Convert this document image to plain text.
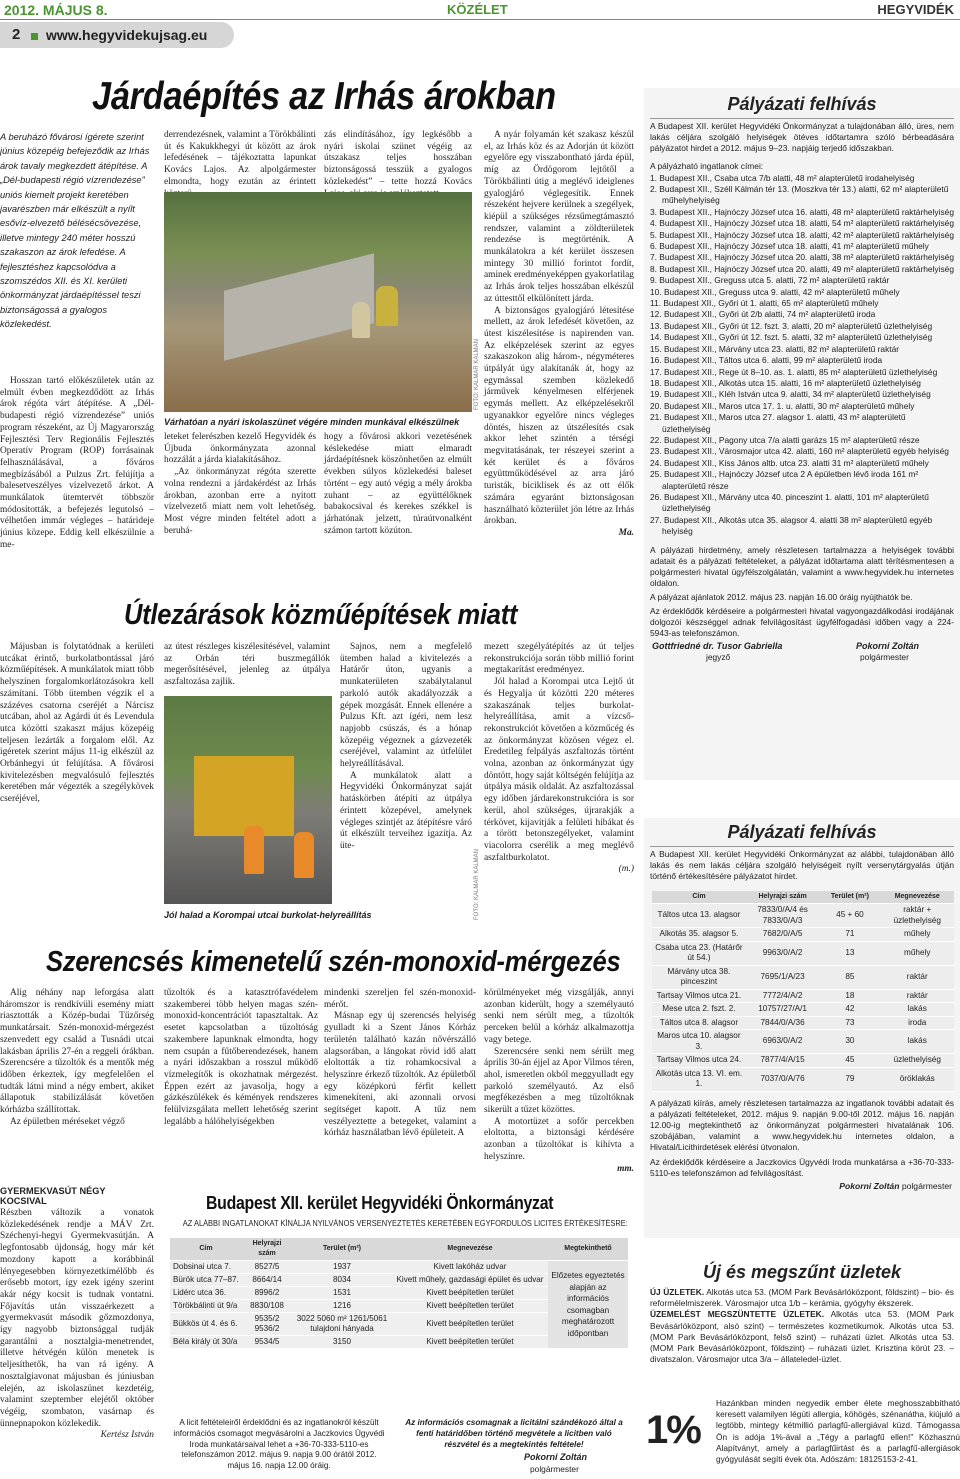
2012. MÁJUS 8.	KÖZÉLET	HEGYVIDÉK
2 www.hegyvidekujsag.eu
Járdaépítés az Irhás árokban
A beruházó fővárosi ígérete szerint június közepéig befejeződik az Irhás árok tavaly megkezdett átépítése. A „Dél-budapesti régió vízrendezése” uniós kiemelt projekt keretében javarészben már elkészült a nyílt esővíz-elvezető bélésécsövezése, illetve mintegy 240 méter hosszú szakaszon az árok lefedése. A fejlesztéshez kapcsolódva a szomszédos XII. és XI. kerületi önkormányzat járdaépítéssel teszi biztonságossá a gyalogos közlekedést.

Hosszan tartó előkészületek után az elmúlt évben megkezdődött az Irhás árok régóta várt átépítése. A „Dél-budapesti régió vízrendezése” uniós program részeként, az Új Magyarország Fejlesztési Terv Regionális Fejlesztés Operatív Program (ROP) forrásainak felhasználásával, a főváros megbízásából a Pulzus Zrt. felújítja a balesetveszélyes vízelvezető árkot. A munkálatok ütemtervét többször módosították, a befejezés legutolsó – vélhetően immár végleges – határideje június közepe. Eddig kell elkészülnie a me-

derrendezésnek, valamint a Törökbálinti út és Kakukkhegyi út között az árok lefedésének – tájékoztatta lapunkat Kovács Lajos. Az alpolgármester elmondta, hogy ezután az érintett

zás elindításához, így legkésőbb a nyári iskolai szünet végéig az útszakasz teljes hosszában biztonságossá tesszük a gyalogos közlekedést” – tette hozzá Kovács

FOTÓ: KALMÁR KÁLMÁN
Várhatóan a nyári iskolaszünet végére minden munkával elkészülnek

leteket felerészben kezelő Hegyvidék és Újbuda önkormányzata azonnal hozzálát a járda kialakításához.

„Az önkormányzat régóta szerette volna rendezni a járdakérdést az Irhás árokban, azonban erre a nyitott vízelvezető miatt nem volt lehetőség. Most végre minden feltétel adott a beruhá-

hogy a fővárosi akkori vezetésének késlekedése miatt elmaradt járdaépítésnek köszönhetően az elmúlt években súlyos közlekedési baleset történt – egy autó végig a mély árokba zuhant – az együttélőknek babakocsival és kerekes székkel is járhatónak jelzett, túraútvonalként számon tartott közúton.

A nyár folyamán két szakasz készül el, az Irhás köz és az Adorján út között egyelőre egy visszabontható járda épül, míg az Ördögorom lejtőtől a Törökbálinti útig a meglévő ideiglenes gyalogjáró véglegesítik. Ennek részeként hejvere kerülnek a szegélyek, kiépül a szükséges rézsűmegtámasztó rendszer, valamint a zöldterületek rendezése is megtörténik. A munkálatokra a két kerület összesen mintegy 30 millió forintot fordít, aminek eredményeképpen gyakorlatilag az Irhás árok teljes hosszában elkészül az úttesttől elkülönített járda.

A biztonságos gyalogjáró létesítése mellett, az árok lefedését követően, az útest kiszélesítése is napirenden van. Az elképzelések szerint az egyes szakaszokon alig három-, négyméteres útpályát úgy alakítanák át, hogy az egymással szemben közlekedő járművek kényelmesen elférjenek egymás mellett. Az elképzelésekről ugyanakkor egyelőre nincs végleges döntés, hiszen az útszélesítés csak akkor lehet szintén a térségi megvitatásának, ter részeyei szerint a két kerület és a főváros együttműködésével az arra járó turisták, biciklisek és az ott élők számára egyaránt biztonságosan használható közterület jön létre az Irhás árokban.

Ma.

Útlezárások közműépítések miatt

Májusban is folytatódnak a kerületi utcákat érintő, burkolatbontással járó közműépítések. A munkálatok miatt több helyszínen forgalomkorlátozásokra kell számítani. Több ütemben végzik el a százéves csatorna cseréjét a Nárcisz utcában, ahol az Agárdi út és Levendula utca közötti szakaszt május közepéig teljesen lezárták a forgalom elől. Az igéretek szerint május 11-ig elkészül az Orbánhegyi út felújítása. A fővárosi kivitelezésben megvalósuló fejlesztés keretében már végezték a szegélykövek cseréjével,

az útest részleges kiszélesítésével, valamint az Orbán téri buszmegállók megerősítésével, jelenleg az útpálya aszfaltozása zajlik.

FOTÓ: KALMÁR KÁLMÁN
Jól halad a Korompai utcai burkolat-helyreállítás

Sajnos, nem a megfelelő ütemben halad a kivitelezés a Határőr úton, ugyanis a munkaterületen szabálytalanul parkoló autók akadályozzák a gépek mozgását. Ennek ellenére a Pulzus Kft. azt ígéri, nem lesz napjobb csúszás, és a hónap közepéig végeznek a gázvezeték cseréjével, valamint az útfelület helyreállításával.

A munkálatok alatt a Hegyvidéki Önkormányzat saját hatáskörben átépíti az útpálya érintett közepével, amelynek végleges szintjét az átépítésre váró út elkészült terveihez igazítja. Az üte-

mezett szegélyátépítés az út teljes rekonstrukciója során több millió forint megtakarítást eredményez.

Jól halad a Korompai utca Lejtő út és Hegyalja út közötti 220 méteres szakaszának teljes burkolat-helyreállítása, amit a vízcső-rekonstrukciót követően a közműcég és az önkormányzat közösen végez el. Eredetileg felpályás aszfaltozás történt volna, azonban az önkormányzat úgy döntött, hogy saját költségén felújítja az útpálya másik oldalát. Az aszfaltozással egy időben járdarekonstrukcióra is sor kerül, ahol szükséges, újrarakják a térkövet, kijavítják a felületi hibákat és a törött betonszegélyeket, valamint viacolorra cserélik a meg meglévő aszfaltburkolatot.

(m.)

Szerencsés kimenetelű szén-monoxid-mérgezés

Alig néhány nap leforgása alatt háromszor is rendkívüli esemény miatt riasztották a Közép-budai Tűzőrség munkatársait. Szén-monoxid-mérgezést szenvedett egy család a Tusnádi utcai lakásban április 27-én a reggeli órákban. Szerencsére a tűzoltók és a mentők még időben érkeztek, így megfelelően el tudták látni mind a négy embert, akiket állapotuk stabilizálását követően kórházba szállítottak.

Az épületben méréseket végző

tűzoltók és a katasztrófavédelem szakemberei több helyen magas szén-monoxid-koncentrációt tapasztaltak. Az esetet kapcsolatban a tűzoltóság szakembere lapunknak elmondta, hogy nem csupán a fűtőberendezések, hanem a nyári időszakban a rosszul működő vízmelegítők is okozhatnak mérgezést. Éppen ezért az javasolja, hogy a gázkészülékek és kémények rendszeres felülvizsgálata mellett lehetőség szerint legalább a hálóhelyiségekben

mindenki szereljen fel szén-monoxid-mérőt.

Másnap egy új szerencsés helyiség gyulladt ki a Szent János Kórház területén található kazán nővérszálló alagsorában, a lángokat rövid idő alatt eloltották a tiz rohamkocsival a helyszínre érkező tűzoltók. Az épületből egy középkorú férfit kellett kimenekíteni, aki azonnali orvosi segítséget kapott. A tűz nem veszélyeztette a betegeket, valamint a kórház használatban lévő épületeit. A

körülményeket még vizsgálják, annyi azonban kiderült, hogy a személyautó senki nem sérült meg, a tűzoltók perceken belül a kórház alkalmazottja vagy betege.

Szerencsére senki nem sérült meg április 30-án éjjel az Apor Vilmos téren, ahol, ismeretlen okból meggyulladt egy parkoló személyautó. Az első megfékezésben a meg tűzoltóknak sikerült a tűzet közöttes.

A motortüzet a sofőr percekben eloltotta, a biztonsági kérdésére azonban a tűzoltókat is kihívta a helyszínre.

mm.

GYERMEKVASÚT NÉGY KOCSIVAL
Részben változik a vonatok közlekedésének rendje a MÁV Zrt. Széchenyi-hegyi Gyermekvasútján. A legfontosabb újdonság, hogy már két mozdony kapott a korábbinál lényegesebben környezetkímélőbb és erősebb motort, így ezek igény szerint akár négy kocsit is tudnak vontatni. Főjavítás után visszaérkezett a gyermekvasút második gőzmozdonya, így nagyobb biztonsággal tudják garantálni a nosztalgia-menetrendet, illetve hétvégén külön menetek is teljesíthetők, ha van rá igény. A nosztalgiavonat májusban és júniusban elején, az iskolaszünet kezdetéig, valamint szeptember elejétől október végéig, szombaton, vasárnap és ünnepnapokon közlekedik.
Kertész István
Budapest XII. kerület Hegyvidéki Önkormányzat
AZ ALÁBBI INGATLANOKAT KÍNÁLJA NYILVÁNOS VERSENYEZTETÉS KERETÉBEN EGYFORDULÓS LICITES ÉRTÉKESÍTÉSRE:
Cím	Helyrajzi szám	Terület (m²)	Megnevezése	Megtekinthető
Dobsinai utca 7.	8527/5	1937	Kivett lakóház udvar	Előzetes egyeztetés alapján az információs csomagban meghatározott időpontban
Bürök utca 77–87.	8664/14	8034	Kivett műhely, gazdasági épület és udvar	
Lidérc utca 36.	8996/2	1531	Kivett beépítetlen terület	
Törökbálinti út 9/a	8830/108	1216	Kivett beépítetlen terület	
Bükkös út 4. és 6.	9535/2 9536/2	3022 5060 m² 1261/5061 tulajdoni hányada	Kivett beépítetlen terület	
Béla király út 30/a	9534/5	3150	Kivett beépítetlen terület	
A licit feltételeiről érdeklődni és az ingatlanokról készült információs csomagot megvásárolni a Jaczkovics Ügyvédi Iroda munkatársaival lehet a +36-70-333-5110-es telefonszámon 2012. május 9. napja 9.00 órától 2012. május 16. napja 12.00 óráig.
Az információs csomagnak a licitálni szándékozó által a fenti határidőben történő megvétele a licitben való részvétel és a megtekintés feltétele!
Pokorni Zoltán
polgármester
Pályázati felhívás
A Budapest XII. kerület Hegyvidéki Önkormányzat a tulajdonában álló, üres, nem lakás céljára szolgáló helyiségek ötéves időtartamra szóló bérbeadására pályázatot hirdet a 2012. május 9–23. napjáig terjedő időszakban.
A pályázható ingatlanok címei:
1. Budapest XII., Csaba utca 7/b alatti, 48 m² alapterületű irodahelyiség
2. Budapest XII., Széll Kálmán tér 13. (Moszkva tér 13.) alatti, 62 m² alapterületű műhelyhelyiség
3. Budapest XII., Hajnóczy József utca 16. alatti, 48 m² alapterületű raktárhelyiség
4. Budapest XII., Hajnóczy József utca 18. alatti, 54 m² alapterületű raktárhelyiség
5. Budapest XII., Hajnóczy József utca 18. alatti, 42 m² alapterületű raktárhelyiség
6. Budapest XII., Hajnóczy József utca 18. alatti, 41 m² alapterületű műhely
7. Budapest XII., Hajnóczy József utca 20. alatti, 38 m² alapterületű raktárhelyiség
8. Budapest XII., Hajnóczy József utca 20. alatti, 49 m² alapterületű raktárhelyiség
9. Budapest XII., Greguss utca 5. alatti, 72 m² alapterületű raktár
10. Budapest XII., Greguss utca 9. alatti, 42 m² alapterületű műhely
11. Budapest XII., Győri út 1. alatti, 65 m² alapterületű műhely
12. Budapest XII., Győri út 2/b alatti, 74 m² alapterületű iroda
13. Budapest XII., Győri út 12. fszt. 3. alatti, 20 m² alapterületű üzlethelyiség
14. Budapest XII., Győri út 12. fszt. 5. alatti, 32 m² alapterületű üzlethelyiség
15. Budapest XII., Márvány utca 23. alatti, 82 m² alapterületű raktár
16. Budapest XII., Táltos utca 6. alatti, 99 m² alapterületű iroda
17. Budapest XII., Rege út 8–10. as. 1. alatti, 85 m² alapterületű üzlethelyiség
18. Budapest XII., Alkotás utca 15. alatti, 16 m² alapterületű üzlethelyiség
19. Budapest XII., Kléh István utca 9. alatti, 34 m² alapterületű üzlethelyiség
20. Budapest XII., Maros utca 17. 1. u. alatti, 30 m² alapterületű műhely
21. Budapest XII., Maros utca 27. alagsor 1. alatti, 43 m² alapterületű üzlethelyiség
22. Budapest XII., Pagony utca 7/a alatti garázs 15 m² alapterületű része
23. Budapest XII., Városmajor utca 42. alatti, 160 m² alapterületű egyéb helyiség
24. Budapest XII., Kiss János altb. utca 23. alatti 31 m² alapterületű műhely
25. Budapest XII., Hajnóczy József utca 2 A épületben lévő iroda 161 m² alapterületű része
26. Budapest XII., Márvány utca 40. pinceszint 1. alatti, 101 m² alapterületű üzlethelyiség
27. Budapest XII., Alkotás utca 35. alagsor 4. alatti 38 m² alapterületű egyéb helyiség
A pályázati hirdetmény, amely részletesen tartalmazza a helyiségek további adatait és a pályázati feltételeket, a pályázat időtartama alatt térítésmentesen a polgármesteri hivatal ügyfélszolgálatán, valamint a www.hegyvidek.hu internetes oldalon.
A pályázat ajánlatok 2012. május 23. napján 16.00 óráig nyújthatók be.
Az érdeklődők kérdéseire a polgármesteri hivatal vagyongazdálkodási irodájának dolgozói készséggel adnak felvilágosítást ügyfélfogadási időben vagy a 224-5943-as telefonszámon.
Gottfriedné dr. Tusor Gabriella
jegyző
Pokorni Zoltán
polgármester
Pályázati felhívás
A Budapest XII. kerület Hegyvidéki Önkormányzat az alábbi, tulajdonában álló lakás és nem lakás céljára szolgáló helyiségeit nyílt versenytárgyalás útján történő értékesítésére pályázatot hirdet.
Cím	Helyrajzi szám	Terület (m²)	Megnevezése
Táltos utca 13. alagsor	7833/0/A/4 és 7833/0/A/3	45 + 60	raktár + üzlethelyiség
Alkotás 35. alagsor 5.	7682/0/A/5	71	műhely
Csaba utca 23. (Határőr út 54.)	9963/0/A/2	13	műhely
Márvány utca 38. pinceszint	7695/1/A/23	85	raktár
Tartsay Vilmos utca 21.	7772/4/A/2	18	raktár
Mese utca 2. fszt. 2.	10757/27/A/1	42	lakás
Táltos utca 8. alagsor	7844/0/A/36	73	iroda
Maros utca 10. alagsor 3.	6963/0/A/2	30	lakás
Tartsay Vilmos utca 24.	7877/4/A/15	45	üzlethelyiség
Alkotás utca 13. VI. em. 1.	7037/0/A/76	79	öröklakás
A pályázati kiírás, amely részletesen tartalmazza az ingatlanok további adatait és a pályázati feltételeket, 2012. május 9. napján 9.00-től 2012. május 16. napján 12.00-ig megtekinthető az önkormányzat polgármesteri hivatalának 106. szobájában, valamint a www.hegyvidek.hu internetes oldalon, a Hivatal/Licithirdetések elérési útvonalon.
Az érdeklődők kérdéseire a Jaczkovics Ügyvédi Iroda munkatársa a +36-70-333-5110-es telefonszámon ad felvilágosítást.
Pokorni Zoltán polgármester
Új és megszűnt üzletek
ÚJ ÜZLETEK. Alkotás utca 53. (MOM Park Bevásárlóközpont, földszint) – bio- és reformélelmiszerek. Városmajor utca 1/b – kerámia, gyógyhy ékszerek.
ÜZEMELÉST MEGSZÜNTETTE ÜZLETEK. Alkotás utca 53. (MOM Park Bevásárlóközpont, alsó szint) – természetes kozmetikumok. Alkotás utca 53. (MOM Park Bevásárlóközpont, felső szint) – ruházati üzlet. Alkotás utca 53. (MOM Park Bevásárlóközpont, földszint) – ruházati üzlet. Krisztina körút 23. – divatszalon. Városmajor utca 3/a – állateledel-üzlet.
1%
Hazánkban minden negyedik ember élete meghosszabbítható keresett valamilyen légúti allergia, köhögés, szénanátha, kiújuló a legtöbb, mintegy kétmillió parlagfű-allergiával küzd. Támogassa Ön is adója 1%-ával a „Tégy a parlagfű ellen!” Közhasznú Alapítványt, amely a parlagfűirtást és a parlagfű-allergiások gyógyulását segíti évek óta. Adószám: 18125153-2-41.
